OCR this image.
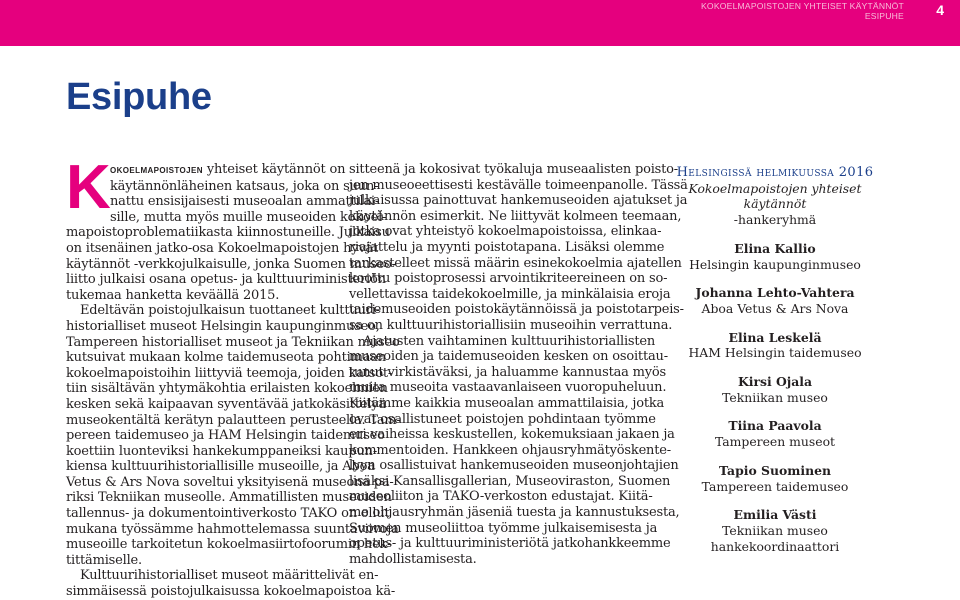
KOKOELMAPOISTOJEN YHTEISET KÄYTÄNNÖT
ESIPUHE 4
Esipuhe
K okoelmapoistojen yhteiset käytännöt on
käytännönläheinen katsaus, joka on suun-
nattu ensisijaisesti museoalan ammattilai-
sille, mutta myös muille museoiden kokoel-
mapoistoproblematiikasta kiinnostuneille. Julkaisu
on itsenäinen jatko-osa Kokoelmapoistojen hyvät
käytännöt -verkkojulkaisulle, jonka Suomen museo-
liitto julkaisi osana opetus- ja kulttuuriministeriön
tukemaa hanketta keväällä 2015.
Edeltävän poistojulkaisun tuottaneet kulttuuri-
historialliset museot Helsingin kaupunginmuseo,
Tampereen historialliset museot ja Tekniikan museo
kutsuivat mukaan kolme taidemuseota pohtimaan
kokoelmapoistoihin liittyviä teemoja, joiden katsot-
tiin sisältävän yhtymäkohtia erilaisten kokoelmien
kesken sekä kaipaavan syventävää jatkokäsittelyä
museokentältä kerätyn palautteen perusteella. Tam-
pereen taidemuseo ja HAM Helsingin taidemuseo
koettiin luonteviksi hankekumppaneiksi kaupun-
kiensa kulttuurihistoriallisille museoille, ja Aboa
Vetus & Ars Nova soveltui yksityisenä museona pa-
riksi Tekniikan museolle. Ammatillisten museoiden
tallennus- ja dokumentointiverkosto TAKO on ollut
mukana työssämme hahmottelemassa suuntaviivoja
museoille tarkoitetun kokoelmasiirtofoorumin hek-
tittämiselle.
Kulttuurihistorialliset museot määrittelivät en-
simmäisessä poistojulkaisussa kokoelmapoistoa kä-
sitteenä ja kokosivat työkaluja museaalisten poisto-
jen museoeettisesti kestävälle toimeenpanolle. Tässä
julkaisussa painottuvat hankemuseoiden ajatukset ja
käytännön esimerkit. Ne liittyvät kolmeen teemaan,
jotka ovat yhteistyö kokoelmapoistoissa, elinkaa-
riajattelu ja myynti poistotapana. Lisäksi olemme
tarkastelleet missä määrin esinekokoelmia ajatellen
koottu poistoprosessi arvointikriteereineen on so-
vellettavissa taidekokoelmille, ja minkälaisia eroja
taidemuseoiden poistokäytännöissä ja poistotarpeis-
sa on kulttuurihistoriallisiin museoihin verrattuna.
Ajatusten vaihtaminen kulttuurihistoriallisten
museoiden ja taidemuseoiden kesken on osoittau-
tunut virkistäväksi, ja haluamme kannustaa myös
muita museoita vastaavanlaiseen vuoropuheluun.
Kiitämme kaikkia museoalan ammattilaisia, jotka
ovat osallistuneet poistojen pohdintaan työmme
eri vaiheissa keskustellen, kokemuksiaan jakaen ja
kommentoiden. Hankkeen ohjausryhmätyöskente-
lyyn osallistuivat hankemuseoiden museonjohtajien
lisäksi Kansallisgallerian, Museoviraston, Suomen
museoliiton ja TAKO-verkoston edustajat. Kiitä-
me ohjausryhmän jäseniä tuesta ja kannustuksesta,
Suomen museoliittoa työmme julkaisemisesta ja
opetus- ja kulttuuriministeriötä jatkohankkeemme
mahdollistamisesta.
Helsingissä helmikuussa 2016
Kokoelmapoistojen yhteiset käytännöt
-hankeryhmä
Elina Kallio
Helsingin kaupunginmuseo
Johanna Lehto-Vahtera
Aboa Vetus & Ars Nova
Elina Leskelä
HAM Helsingin taidemuseo
Kirsi Ojala
Tekniikan museo
Tiina Paavola
Tampereen museot
Tapio Suominen
Tampereen taidemuseo
Emilia Västi
Tekniikan museo
hankekoordinaattori
